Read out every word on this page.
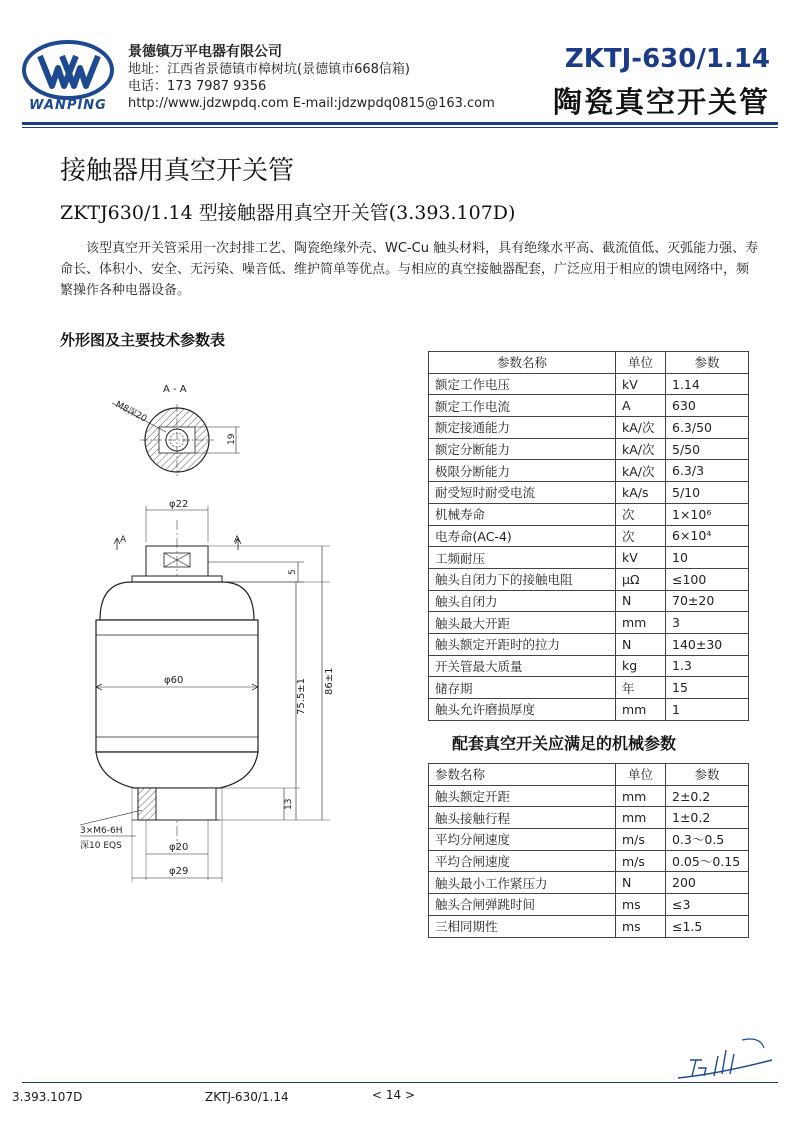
WANPING
景德镇万平电器有限公司
地址：江西省景德镇市樟树坑(景德镇市668信箱)
电话：173 7987 9356
http://www.jdzwpdq.com E-mail:jdzwpdq0815@163.com
ZKTJ-630/1.14
陶瓷真空开关管
接触器用真空开关管
ZKTJ630/1.14 型接触器用真空开关管(3.393.107D)
该型真空开关管采用一次封排工艺、陶瓷绝缘外壳、WC-Cu 触头材料，具有绝缘水平高、截流值低、灭弧能力强、寿命长、体积小、安全、无污染、噪音低、维护简单等优点。与相应的真空接触器配套，广泛应用于相应的馈电网络中，频繁操作各种电器设备。
外形图及主要技术参数表
A - A
M8深20
19
φ22
A	A
5
φ60	75.5±1 86±1
13
3×M6-6H
深10 EQS	φ20
φ29
参数名称	单位	参数
额定工作电压	kV	1.14
额定工作电流	A	630
额定接通能力	kA/次	6.3/50
额定分断能力	kA/次	5/50
极限分断能力	kA/次	6.3/3
耐受短时耐受电流	kA/s	5/10
机械寿命	次	1×10⁶
电寿命(AC-4)	次	6×10⁴
工频耐压	kV	10
触头自闭力下的接触电阻	μΩ	≤100
触头自闭力	N	70±20
触头最大开距	mm	3
触头额定开距时的拉力	N	140±30
开关管最大质量	kg	1.3
储存期	年	15
触头允许磨损厚度	mm	1
配套真空开关应满足的机械参数
参数名称	单位	参数
触头额定开距	mm	2±0.2
触头接触行程	mm	1±0.2
平均分闸速度	m/s	0.3～0.5
平均合闸速度	m/s	0.05～0.15
触头最小工作紧压力	N	200
触头合闸弹跳时间	ms	≤3
三相同期性	ms	≤1.5
3.393.107D	ZKTJ-630/1.14	< 14 >
